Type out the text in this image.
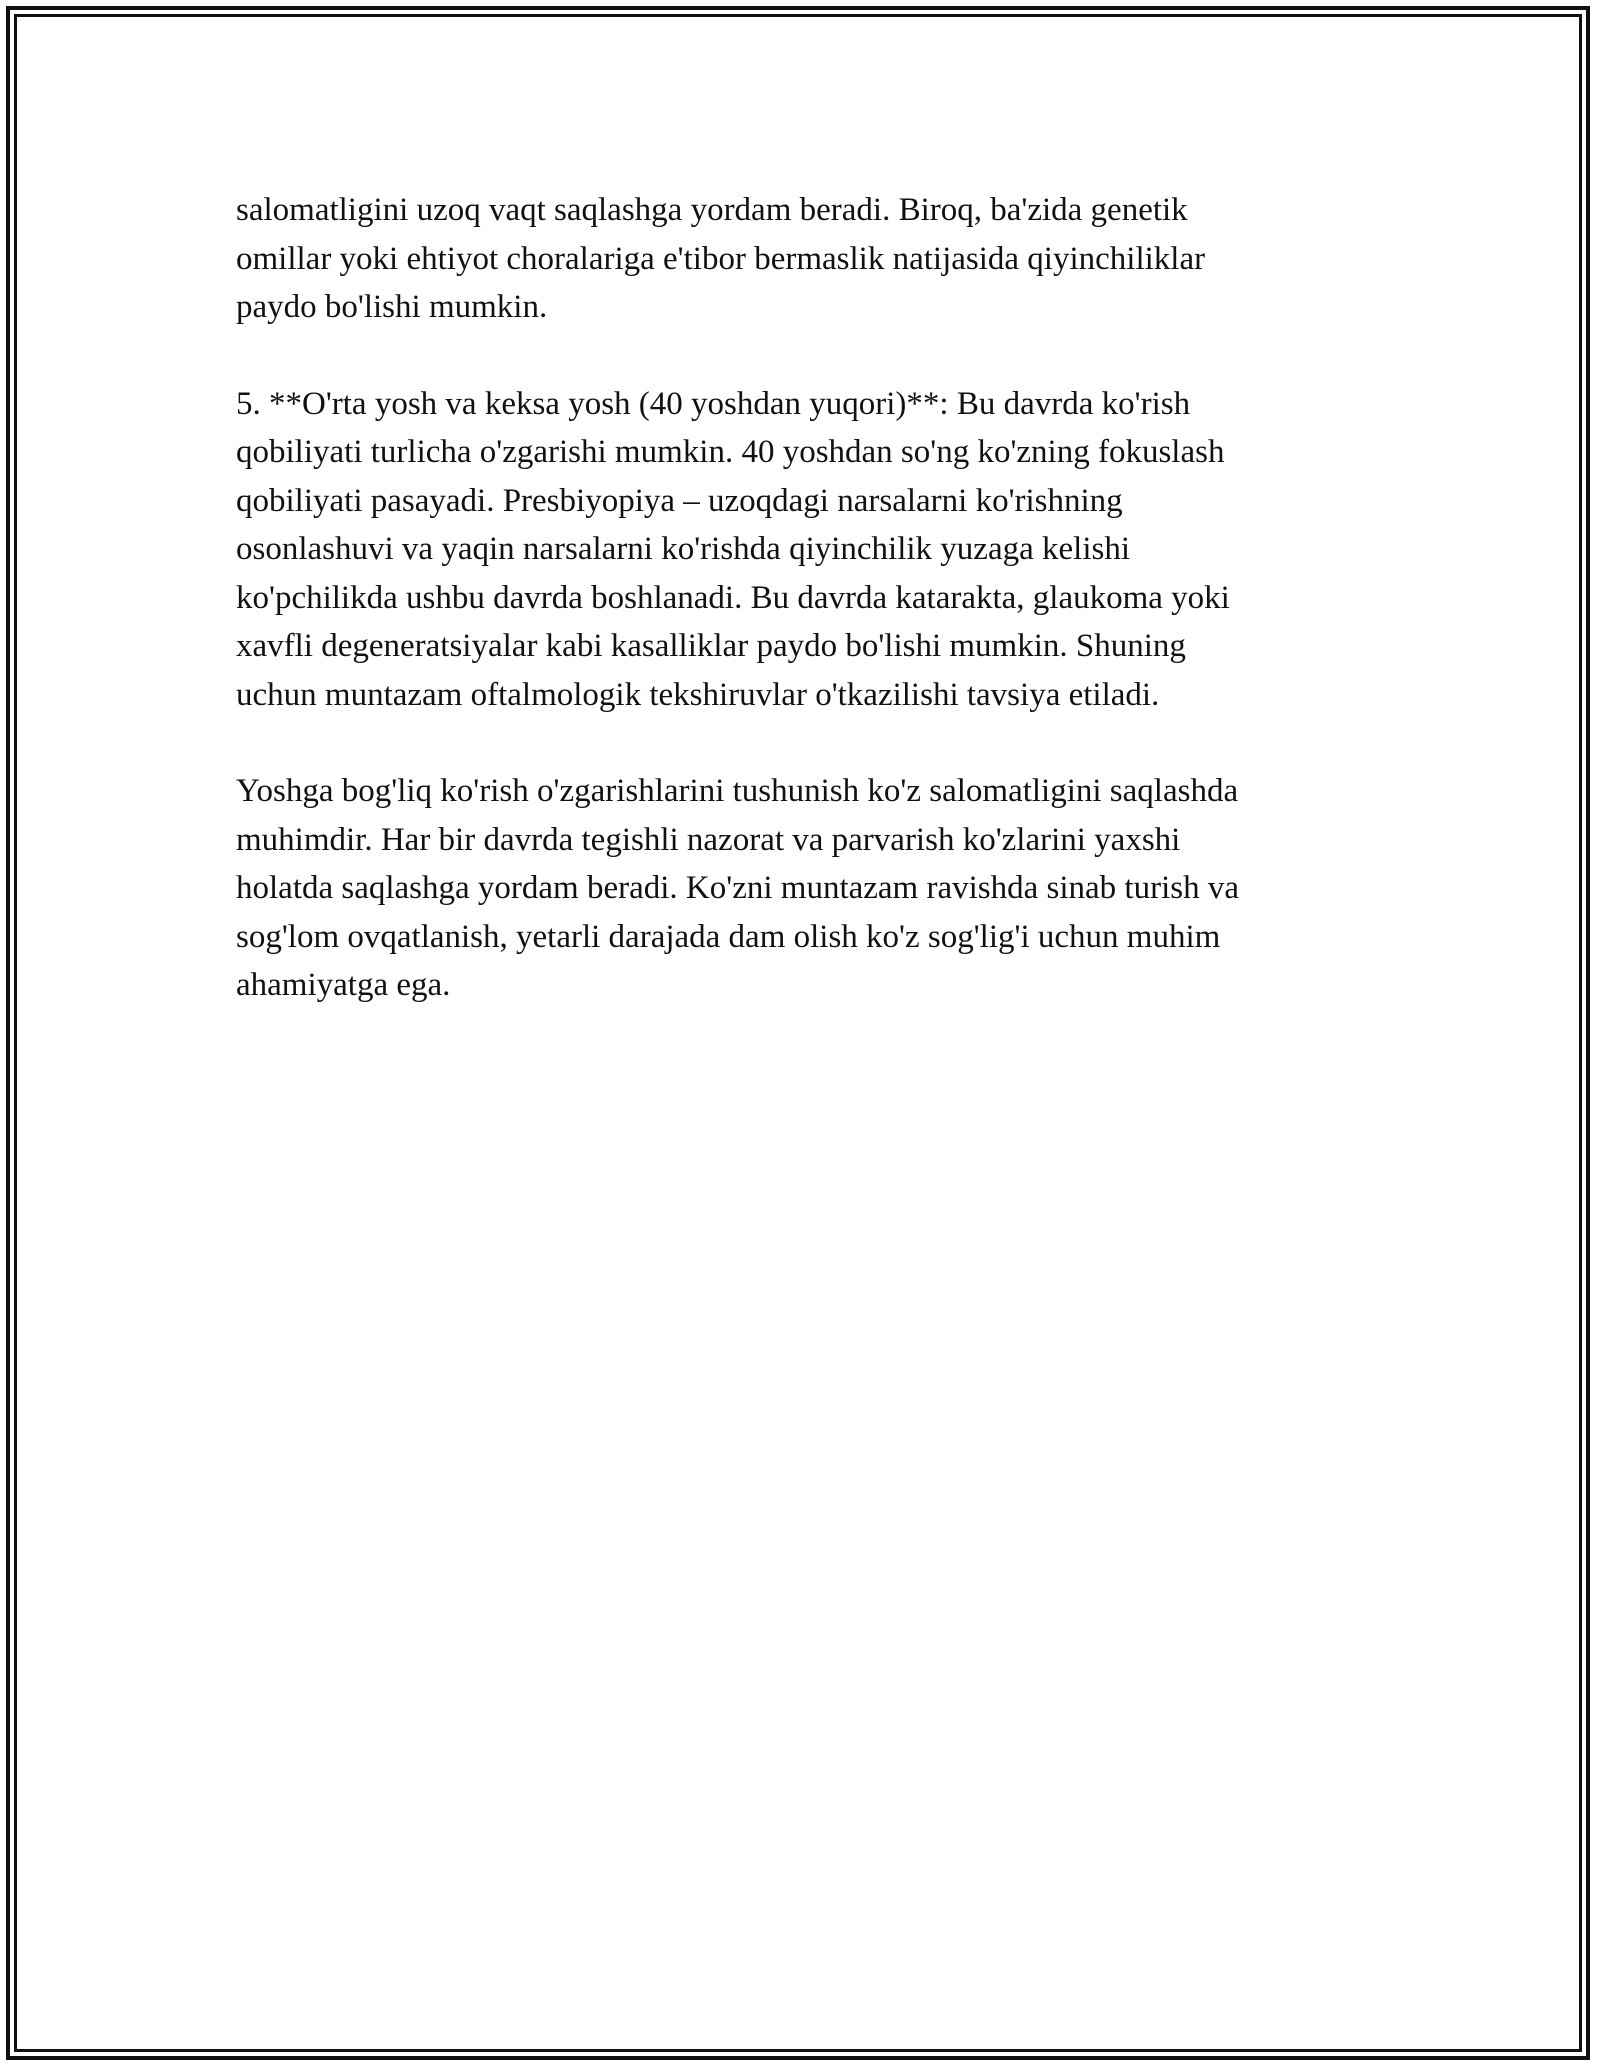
salomatligini uzoq vaqt saqlashga yordam beradi. Biroq, ba'zida genetik
omillar yoki ehtiyot choralariga e'tibor bermaslik natijasida qiyinchiliklar
paydo bo'lishi mumkin.

5. **O'rta yosh va keksa yosh (40 yoshdan yuqori)**: Bu davrda ko'rish
qobiliyati turlicha o'zgarishi mumkin. 40 yoshdan so'ng ko'zning fokuslash
qobiliyati pasayadi. Presbiyopiya – uzoqdagi narsalarni ko'rishning
osonlashuvi va yaqin narsalarni ko'rishda qiyinchilik yuzaga kelishi
ko'pchilikda ushbu davrda boshlanadi. Bu davrda katarakta, glaukoma yoki
xavfli degeneratsiyalar kabi kasalliklar paydo bo'lishi mumkin. Shuning
uchun muntazam oftalmologik tekshiruvlar o'tkazilishi tavsiya etiladi.

Yoshga bog'liq ko'rish o'zgarishlarini tushunish ko'z salomatligini saqlashda
muhimdir. Har bir davrda tegishli nazorat va parvarish ko'zlarini yaxshi
holatda saqlashga yordam beradi. Ko'zni muntazam ravishda sinab turish va
sog'lom ovqatlanish, yetarli darajada dam olish ko'z sog'lig'i uchun muhim
ahamiyatga ega.
